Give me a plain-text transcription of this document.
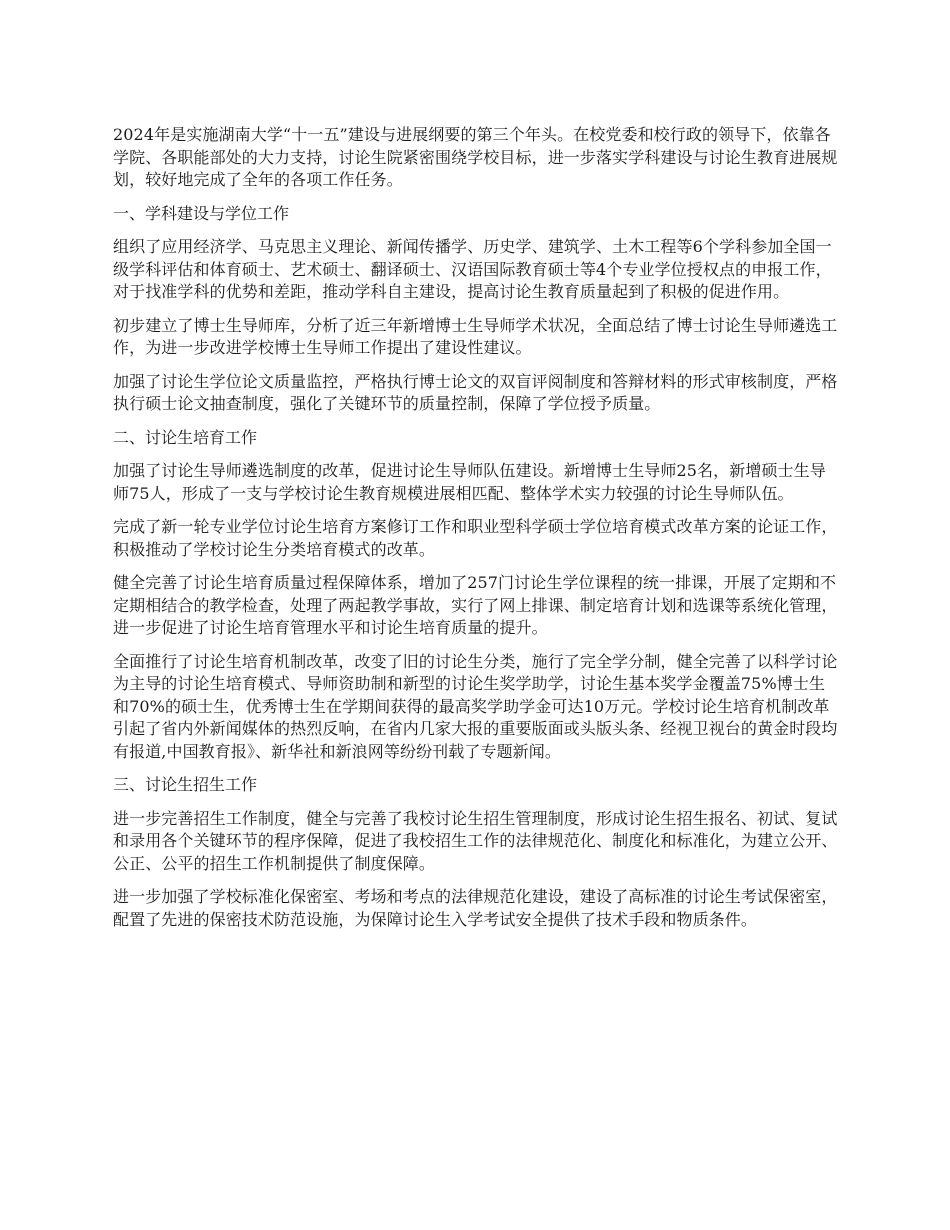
2024年是实施湖南大学“十一五”建设与进展纲要的第三个年头。在校党委和校行政的领导下，依靠各学院、各职能部处的大力支持，讨论生院紧密围绕学校目标，进一步落实学科建设与讨论生教育进展规划，较好地完成了全年的各项工作任务。

一、学科建设与学位工作

组织了应用经济学、马克思主义理论、新闻传播学、历史学、建筑学、土木工程等6个学科参加全国一级学科评估和体育硕士、艺术硕士、翻译硕士、汉语国际教育硕士等4个专业学位授权点的申报工作，对于找准学科的优势和差距，推动学科自主建设，提高讨论生教育质量起到了积极的促进作用。

初步建立了博士生导师库，分析了近三年新增博士生导师学术状况，全面总结了博士讨论生导师遴选工作，为进一步改进学校博士生导师工作提出了建设性建议。

加强了讨论生学位论文质量监控，严格执行博士论文的双盲评阅制度和答辩材料的形式审核制度，严格执行硕士论文抽查制度，强化了关键环节的质量控制，保障了学位授予质量。

二、讨论生培育工作

加强了讨论生导师遴选制度的改革，促进讨论生导师队伍建设。新增博士生导师25名，新增硕士生导师75人，形成了一支与学校讨论生教育规模进展相匹配、整体学术实力较强的讨论生导师队伍。

完成了新一轮专业学位讨论生培育方案修订工作和职业型科学硕士学位培育模式改革方案的论证工作，积极推动了学校讨论生分类培育模式的改革。

健全完善了讨论生培育质量过程保障体系，增加了257门讨论生学位课程的统一排课，开展了定期和不定期相结合的教学检查，处理了两起教学事故，实行了网上排课、制定培育计划和选课等系统化管理，进一步促进了讨论生培育管理水平和讨论生培育质量的提升。

全面推行了讨论生培育机制改革，改变了旧的讨论生分类，施行了完全学分制，健全完善了以科学讨论为主导的讨论生培育模式、导师资助制和新型的讨论生奖学助学，讨论生基本奖学金覆盖75%博士生和70%的硕士生，优秀博士生在学期间获得的最高奖学助学金可达10万元。学校讨论生培育机制改革引起了省内外新闻媒体的热烈反响，在省内几家大报的重要版面或头版头条、经视卫视台的黄金时段均有报道,中国教育报》、新华社和新浪网等纷纷刊载了专题新闻。

三、讨论生招生工作

进一步完善招生工作制度，健全与完善了我校讨论生招生管理制度，形成讨论生招生报名、初试、复试和录用各个关键环节的程序保障，促进了我校招生工作的法律规范化、制度化和标准化，为建立公开、公正、公平的招生工作机制提供了制度保障。

进一步加强了学校标准化保密室、考场和考点的法律规范化建设，建设了高标准的讨论生考试保密室，配置了先进的保密技术防范设施，为保障讨论生入学考试安全提供了技术手段和物质条件。
